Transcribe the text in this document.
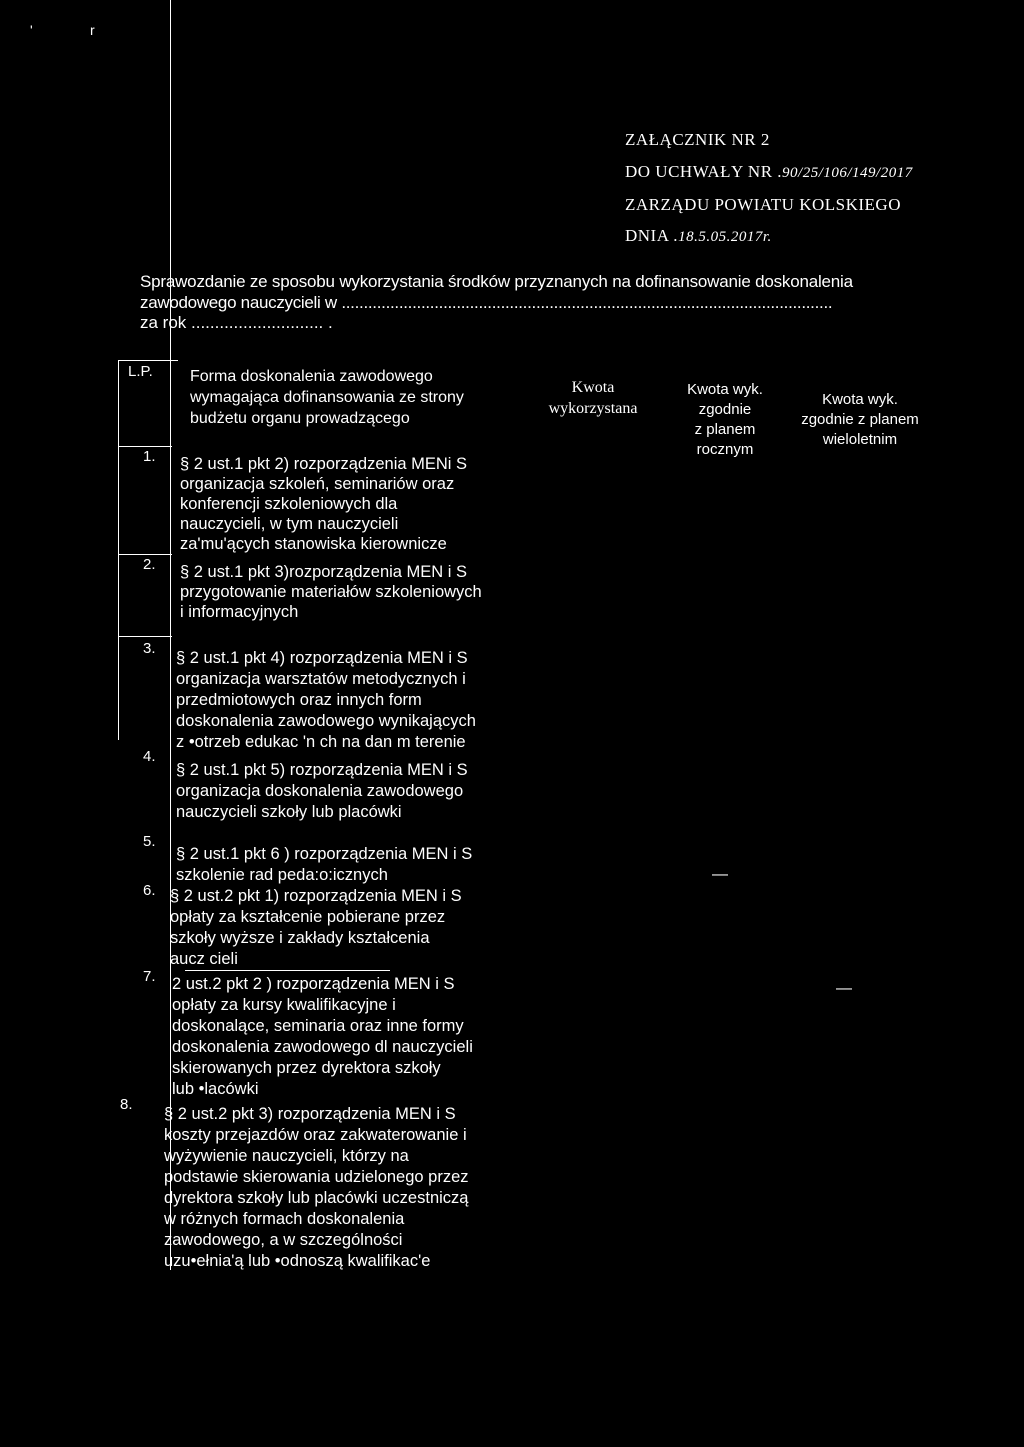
'	r
ZAŁĄCZNIK NR 2
DO UCHWAŁY NR .90/25/106/149/2017
ZARZĄDU POWIATU KOLSKIEGO
DNIA .18.5.05.2017r.
Sprawozdanie ze sposobu wykorzystania środków przyznanych na dofinansowanie doskonalenia
zawodowego nauczycieli w ...............................................................................................................
za rok ............................ .
L.P. Forma doskonalenia zawodowego
wymagająca dofinansowania ze strony
budżetu organu prowadzącego
Kwota
wykorzystana
Kwota wyk.
zgodnie
z planem
rocznym
Kwota wyk.
zgodnie z planem
wieloletnim
1. § 2 ust.1 pkt 2) rozporządzenia MENi S
organizacja szkoleń, seminariów oraz
konferencji szkoleniowych dla
nauczycieli, w tym nauczycieli
za'mu'ących stanowiska kierownicze
2. § 2 ust.1 pkt 3)rozporządzenia MEN i S
przygotowanie materiałów szkoleniowych
i informacyjnych
3.
§ 2 ust.1 pkt 4) rozporządzenia MEN i S
organizacja warsztatów metodycznych i
przedmiotowych oraz innych form
doskonalenia zawodowego wynikających
z •otrzeb edukac 'n ch na dan m terenie
4.
§ 2 ust.1 pkt 5) rozporządzenia MEN i S
organizacja doskonalenia zawodowego
nauczycieli szkoły lub placówki
5.
§ 2 ust.1 pkt 6 ) rozporządzenia MEN i S
szkolenie rad peda:o:icznych
6. § 2 ust.2 pkt 1) rozporządzenia MEN i S
opłaty za kształcenie pobierane przez
szkoły wyższe i zakłady kształcenia
aucz cieli
—
7. 2 ust.2 pkt 2 ) rozporządzenia MEN i S
opłaty za kursy kwalifikacyjne i
doskonalące, seminaria oraz inne formy
doskonalenia zawodowego dl nauczycieli
skierowanych przez dyrektora szkoły
lub •lacówki
—
8.
§ 2 ust.2 pkt 3) rozporządzenia MEN i S
koszty przejazdów oraz zakwaterowanie i
wyżywienie nauczycieli, którzy na
podstawie skierowania udzielonego przez
dyrektora szkoły lub placówki uczestniczą
w różnych formach doskonalenia
zawodowego, a w szczególności
uzu•ełnia'ą lub •odnoszą kwalifikac'e
